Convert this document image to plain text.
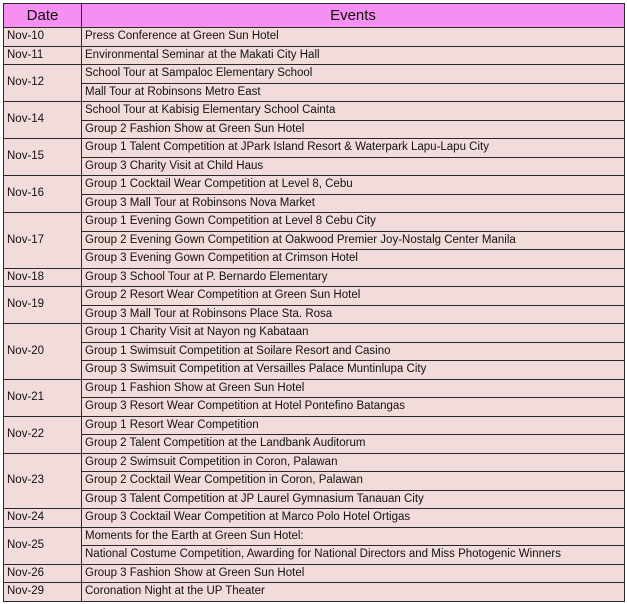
Date	Events
Nov-10	Press Conference at Green Sun Hotel
Nov-11	Environmental Seminar at the Makati City Hall
Nov-12	School Tour at Sampaloc Elementary School
	Mall Tour at Robinsons Metro East
Nov-14	School Tour at Kabisig Elementary School Cainta
	Group 2 Fashion Show at Green Sun Hotel
Nov-15	Group 1 Talent Competition at JPark Island Resort & Waterpark Lapu-Lapu City
	Group 3 Charity Visit at Child Haus
Nov-16	Group 1 Cocktail Wear Competition at Level 8, Cebu
	Group 3 Mall Tour at Robinsons Nova Market
Nov-17	Group 1 Evening Gown Competition at Level 8 Cebu City
	Group 2 Evening Gown Competition at Oakwood Premier Joy-Nostalg Center Manila
	Group 3 Evening Gown Competition at Crimson Hotel
Nov-18	Group 3 School Tour at P. Bernardo Elementary
Nov-19	Group 2 Resort Wear Competition at Green Sun Hotel
	Group 3 Mall Tour at Robinsons Place Sta. Rosa
Nov-20	Group 1 Charity Visit at Nayon ng Kabataan
	Group 1 Swimsuit Competition at Soilare Resort and Casino
	Group 3 Swimsuit Competition at Versailles Palace Muntinlupa City
Nov-21	Group 1 Fashion Show at Green Sun Hotel
	Group 3 Resort Wear Competition at Hotel Pontefino Batangas
Nov-22	Group 1 Resort Wear Competition
	Group 2 Talent Competition at the Landbank Auditorum
Nov-23	Group 2 Swimsuit Competition in Coron, Palawan
	Group 2 Cocktail Wear Competition in Coron, Palawan
	Group 3 Talent Competition at JP Laurel Gymnasium Tanauan City
Nov-24	Group 3 Cocktail Wear Competition at Marco Polo Hotel Ortigas
Nov-25	Moments for the Earth at Green Sun Hotel:
	National Costume Competition, Awarding for National Directors and Miss Photogenic Winners
Nov-26	Group 3 Fashion Show at Green Sun Hotel
Nov-29	Coronation Night at the UP Theater
